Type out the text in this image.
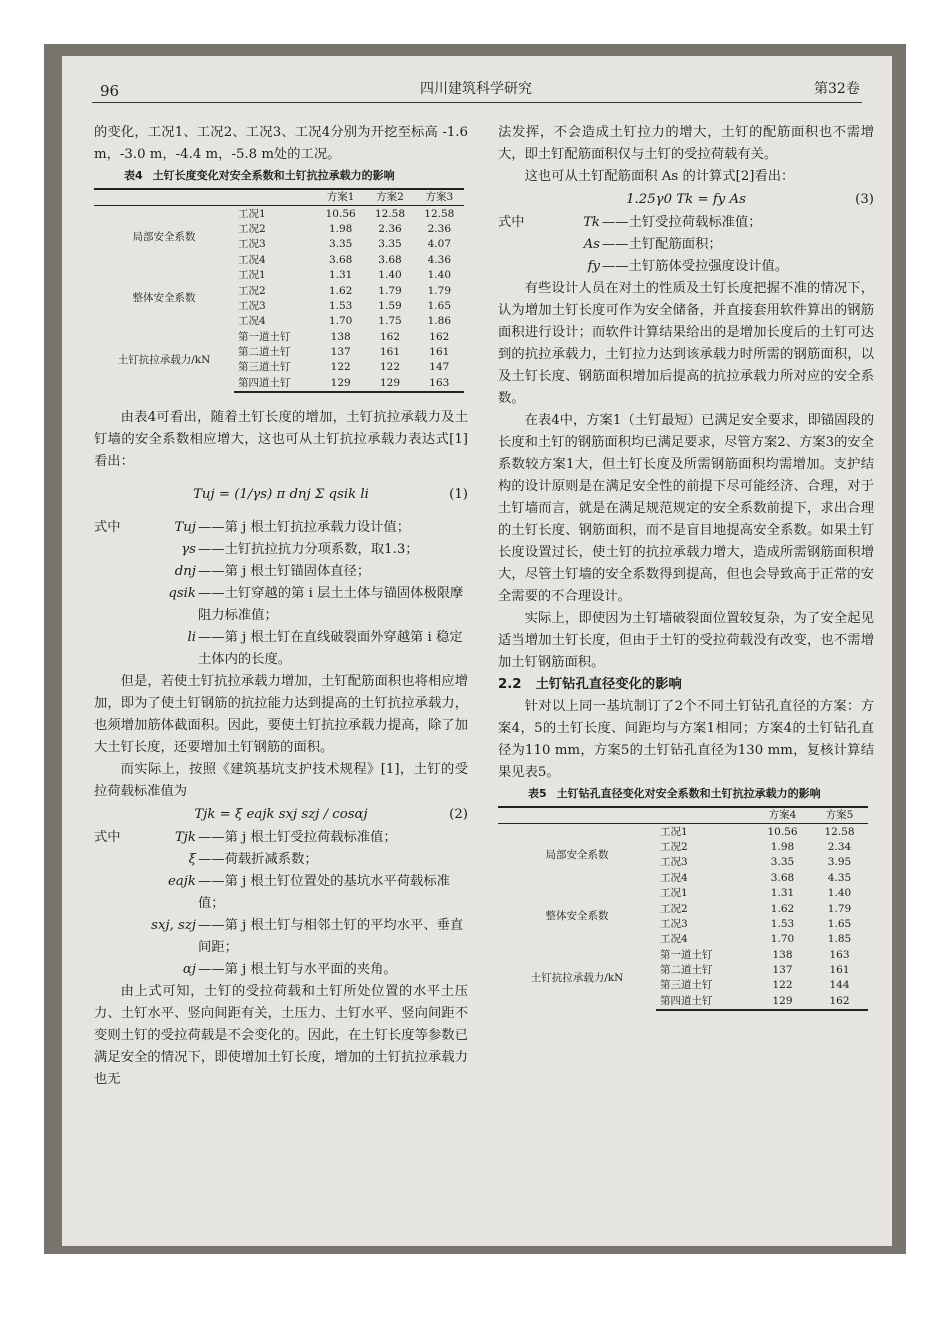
96	四川建筑科学研究	第32卷

的变化，工况1、工况2、工况3、工况4分别为开挖至标高 -1.6 m，-3.0 m，-4.4 m，-5.8 m处的工况。

表4 土钉长度变化对安全系数和土钉抗拉承载力的影响
		方案1	方案2	方案3
局部安全系数	工况1	10.56	12.58	12.58
	工况2	1.98	2.36	2.36
	工况3	3.35	3.35	4.07
	工况4	3.68	3.68	4.36
整体安全系数	工况1	1.31	1.40	1.40
	工况2	1.62	1.79	1.79
	工况3	1.53	1.59	1.65
	工况4	1.70	1.75	1.86
土钉抗拉承载力/kN	第一道土钉	138	162	162
	第二道土钉	137	161	161
	第三道土钉	122	122	147
	第四道土钉	129	129	163

由表4可看出，随着土钉长度的增加，土钉抗拉承载力及土钉墙的安全系数相应增大，这也可从土钉抗拉承载力表达式[1]看出：

Tuj = (1/γs) π dnj Σ qsik li	(1)
式中	Tuj ——第 j 根土钉抗拉承载力设计值；
γs ——土钉抗拉抗力分项系数，取1.3；
dnj ——第 j 根土钉锚固体直径；
qsik ——土钉穿越的第 i 层土土体与锚固体极限摩阻力标准值；
li ——第 j 根土钉在直线破裂面外穿越第 i 稳定土体内的长度。

但是，若使土钉抗拉承载力增加，土钉配筋面积也将相应增加，即为了使土钉钢筋的抗拉能力达到提高的土钉抗拉承载力，也须增加筋体截面积。因此，要使土钉抗拉承载力提高，除了加大土钉长度，还要增加土钉钢筋的面积。

而实际上，按照《建筑基坑支护技术规程》[1]，土钉的受拉荷载标准值为

Tjk = ξ eajk sxj szj / cosαj	(2)
式中	Tjk ——第 j 根土钉受拉荷载标准值；
ξ ——荷载折减系数；
eajk ——第 j 根土钉位置处的基坑水平荷载标准值；
sxj, szj ——第 j 根土钉与相邻土钉的平均水平、垂直间距；
αj ——第 j 根土钉与水平面的夹角。

由上式可知，土钉的受拉荷载和土钉所处位置的水平土压力、土钉水平、竖向间距有关，土压力、土钉水平、竖向间距不变则土钉的受拉荷载是不会变化的。因此，在土钉长度等参数已满足安全的情况下，即使增加土钉长度，增加的土钉抗拉承载力也无

法发挥，不会造成土钉拉力的增大，土钉的配筋面积也不需增大，即土钉配筋面积仅与土钉的受拉荷载有关。

这也可从土钉配筋面积 As 的计算式[2]看出：

1.25γ0 Tk = fy As	(3)
式中	Tk ——土钉受拉荷载标准值；
As ——土钉配筋面积；
fy ——土钉筋体受拉强度设计值。

有些设计人员在对土的性质及土钉长度把握不准的情况下，认为增加土钉长度可作为安全储备，并直接套用软件算出的钢筋面积进行设计；而软件计算结果给出的是增加长度后的土钉可达到的抗拉承载力，土钉拉力达到该承载力时所需的钢筋面积，以及土钉长度、钢筋面积增加后提高的抗拉承载力所对应的安全系数。

在表4中，方案1（土钉最短）已满足安全要求，即锚固段的长度和土钉的钢筋面积均已满足要求，尽管方案2、方案3的安全系数较方案1大，但土钉长度及所需钢筋面积均需增加。支护结构的设计原则是在满足安全性的前提下尽可能经济、合理，对于土钉墙而言，就是在满足规范规定的安全系数前提下，求出合理的土钉长度、钢筋面积，而不是盲目地提高安全系数。如果土钉长度设置过长，使土钉的抗拉承载力增大，造成所需钢筋面积增大，尽管土钉墙的安全系数得到提高，但也会导致高于正常的安全需要的不合理设计。

实际上，即使因为土钉墙破裂面位置较复杂，为了安全起见适当增加土钉长度，但由于土钉的受拉荷载没有改变，也不需增加土钉钢筋面积。

2.2 土钉钻孔直径变化的影响

针对以上同一基坑制订了2个不同土钉钻孔直径的方案：方案4，5的土钉长度、间距均与方案1相同；方案4的土钉钻孔直径为110 mm，方案5的土钉钻孔直径为130 mm，复核计算结果见表5。

表5 土钉钻孔直径变化对安全系数和土钉抗拉承载力的影响
		方案4	方案5
局部安全系数	工况1	10.56	12.58
	工况2	1.98	2.34
	工况3	3.35	3.95
	工况4	3.68	4.35
整体安全系数	工况1	1.31	1.40
	工况2	1.62	1.79
	工况3	1.53	1.65
	工况4	1.70	1.85
土钉抗拉承载力/kN	第一道土钉	138	163
	第二道土钉	137	161
	第三道土钉	122	144
	第四道土钉	129	162
